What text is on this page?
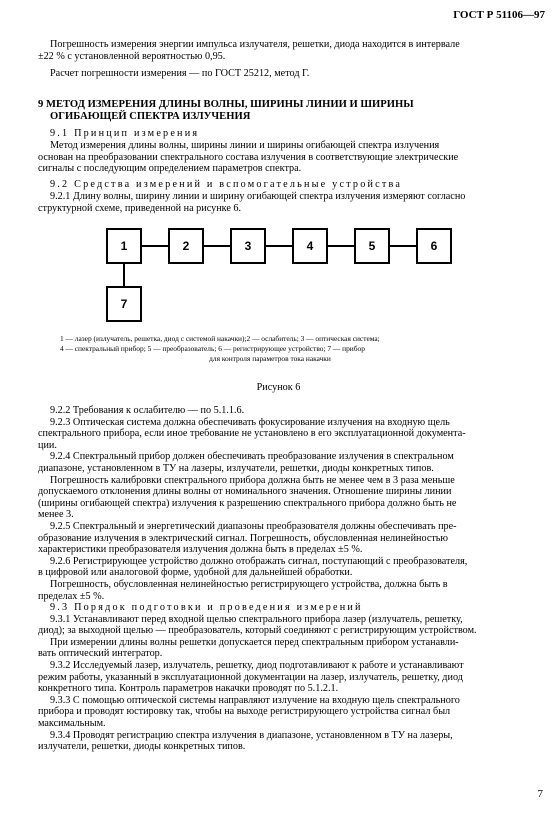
ГОСТ Р 51106—97
Погрешность измерения энергии импульса излучателя, решетки, диода находится в интервале
±22 % с установленной вероятностью 0,95.
Расчет погрешности измерения — по ГОСТ 25212, метод Г.
9 МЕТОД ИЗМЕРЕНИЯ ДЛИНЫ ВОЛНЫ, ШИРИНЫ ЛИНИИ И ШИРИНЫ
ОГИБАЮЩЕЙ СПЕКТРА ИЗЛУЧЕНИЯ
9.1 Принцип измерения
Метод измерения длины волны, ширины линии и ширины огибающей спектра излучения
основан на преобразовании спектрального состава излучения в соответствующие электрические
сигналы с последующим определением параметров спектра.
9.2 Средства измерений и вспомогательные устройства
9.2.1 Длину волны, ширину линии и ширину огибающей спектра излучения измеряют согласно
структурной схеме, приведенной на рисунке 6.
1	2	3	4	5	6
7
1 — лазер (излучатель, решетка, диод с системой накачки);2 — ослабитель; 3 — оптическая система;
4 — спектральный прибор; 5 — преобразователь; 6 — регистрирующее устройство; 7 — прибор
для контроля параметров тока накачки
Рисунок 6
9.2.2 Требования к ослабителю — по 5.1.1.6.
9.2.3 Оптическая система должна обеспечивать фокусирование излучения на входную щель
спектрального прибора, если иное требование не установлено в его эксплуатационной документа-
ции.
9.2.4 Спектральный прибор должен обеспечивать преобразование излучения в спектральном
диапазоне, установленном в ТУ на лазеры, излучатели, решетки, диоды конкретных типов.
Погрешность калибровки спектрального прибора должна быть не менее чем в 3 раза меньше
допускаемого отклонения длины волны от номинального значения. Отношение ширины линии
(ширины огибающей спектра) излучения к разрешению спектрального прибора должно быть не
менее 3.
9.2.5 Спектральный и энергетический диапазоны преобразователя должны обеспечивать пре-
образование излучения в электрический сигнал. Погрешность, обусловленная нелинейностью
характеристики преобразователя излучения должна быть в пределах ±5 %.
9.2.6 Регистрирующее устройство должно отображать сигнал, поступающий с преобразователя,
в цифровой или аналоговой форме, удобной для дальнейшей обработки.
Погрешность, обусловленная нелинейностью регистрирующего устройства, должна быть в
пределах ±5 %.
9.3 Порядок подготовки и проведения измерений
9.3.1 Устанавливают перед входной щелью спектрального прибора лазер (излучатель, решетку,
диод); за выходной щелью — преобразователь, который соединяют с регистрирующим устройством.
При измерении длины волны решетки допускается перед спектральным прибором устанавли-
вать оптический интегратор.
9.3.2 Исследуемый лазер, излучатель, решетку, диод подготавливают к работе и устанавливают
режим работы, указанный в эксплуатационной документации на лазер, излучатель, решетку, диод
конкретного типа. Контроль параметров накачки проводят по 5.1.2.1.
9.3.3 С помощью оптической системы направляют излучение на входную щель спектрального
прибора и проводят юстировку так, чтобы на выходе регистрирующего устройства сигнал был
максимальным.
9.3.4 Проводят регистрацию спектра излучения в диапазоне, установленном в ТУ на лазеры,
излучатели, решетки, диоды конкретных типов.
7
